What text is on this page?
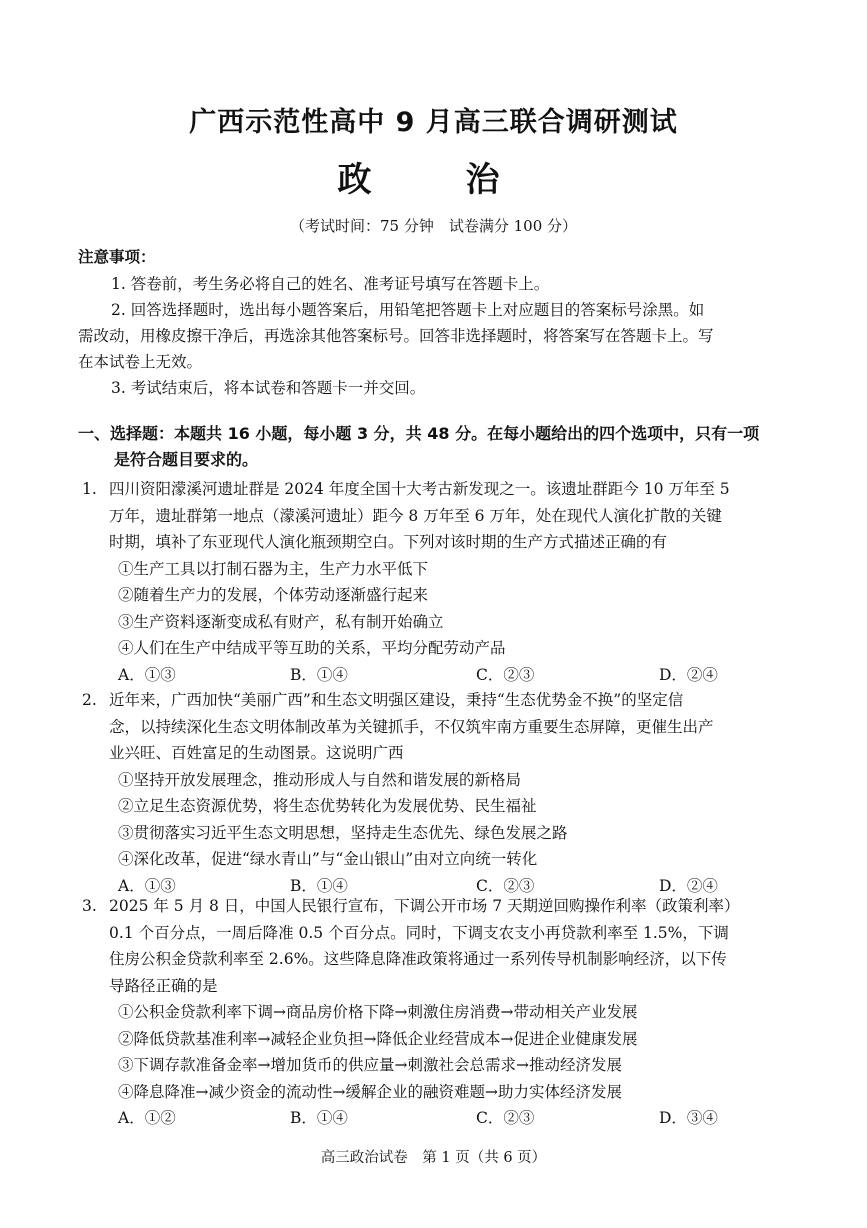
广西示范性高中 9 月高三联合调研测试
政　治
（考试时间：75 分钟　试卷满分 100 分）
注意事项：
1. 答卷前，考生务必将自己的姓名、准考证号填写在答题卡上。
2. 回答选择题时，选出每小题答案后，用铅笔把答题卡上对应题目的答案标号涂黑。如
需改动，用橡皮擦干净后，再选涂其他答案标号。回答非选择题时，将答案写在答题卡上。写
在本试卷上无效。
3. 考试结束后，将本试卷和答题卡一并交回。
一、选择题：本题共 16 小题，每小题 3 分，共 48 分。在每小题给出的四个选项中，只有一项
是符合题目要求的。
1. 四川资阳濛溪河遗址群是 2024 年度全国十大考古新发现之一。该遗址群距今 10 万年至 5
万年，遗址群第一地点（濛溪河遗址）距今 8 万年至 6 万年，处在现代人演化扩散的关键
时期，填补了东亚现代人演化瓶颈期空白。下列对该时期的生产方式描述正确的有
①生产工具以打制石器为主，生产力水平低下
②随着生产力的发展，个体劳动逐渐盛行起来
③生产资料逐渐变成私有财产，私有制开始确立
④人们在生产中结成平等互助的关系，平均分配劳动产品
A．①③	B．①④	C．②③	D．②④
2. 近年来，广西加快“美丽广西”和生态文明强区建设，秉持“生态优势金不换”的坚定信
念，以持续深化生态文明体制改革为关键抓手，不仅筑牢南方重要生态屏障，更催生出产
业兴旺、百姓富足的生动图景。这说明广西
①坚持开放发展理念，推动形成人与自然和谐发展的新格局
②立足生态资源优势，将生态优势转化为发展优势、民生福祉
③贯彻落实习近平生态文明思想，坚持走生态优先、绿色发展之路
④深化改革，促进“绿水青山”与“金山银山”由对立向统一转化
A．①③	B．①④	C．②③	D．②④
3. 2025 年 5 月 8 日，中国人民银行宣布，下调公开市场 7 天期逆回购操作利率（政策利率）
0.1 个百分点，一周后降准 0.5 个百分点。同时，下调支农支小再贷款利率至 1.5%，下调
住房公积金贷款利率至 2.6%。这些降息降准政策将通过一系列传导机制影响经济，以下传
导路径正确的是
①公积金贷款利率下调→商品房价格下降→刺激住房消费→带动相关产业发展
②降低贷款基准利率→减轻企业负担→降低企业经营成本→促进企业健康发展
③下调存款准备金率→增加货币的供应量→刺激社会总需求→推动经济发展
④降息降准→减少资金的流动性→缓解企业的融资难题→助力实体经济发展
A．①②	B．①④	C．②③	D．③④
高三政治试卷　第 1 页（共 6 页）
